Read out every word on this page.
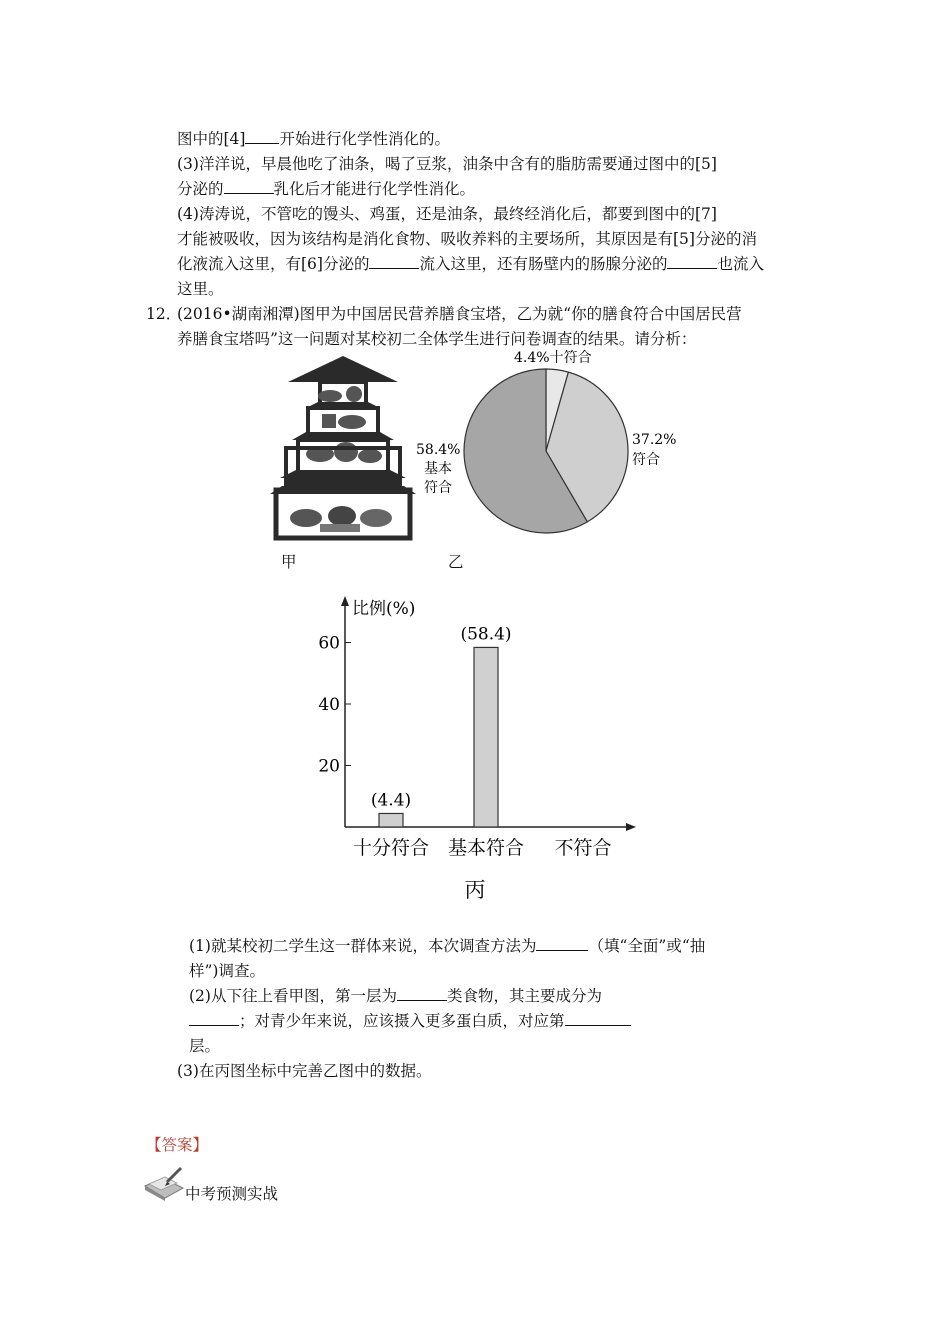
图中的[4] 开始进行化学性消化的。
(3)洋洋说，早晨他吃了油条，喝了豆浆，油条中含有的脂肪需要通过图中的[5]
分泌的	乳化后才能进行化学性消化。
(4)涛涛说，不管吃的馒头、鸡蛋，还是油条，最终经消化后，都要到图中的[7]
才能被吸收，因为该结构是消化食物、吸收养料的主要场所，其原因是有[5]分泌的消
化液流入这里，有[6]分泌的	流入这里，还有肠壁内的肠腺分泌的	也流入
这里。
12．
(2016•湖南湘潭)图甲为中国居民营养膳食宝塔，乙为就“你的膳食符合中国居民营
养膳食宝塔吗”这一问题对某校初二全体学生进行问卷调查的结果。请分析：
甲
4.4%十符合
37.2%
符合
58.4%
基本
符合
乙
比例(%)
20
40
60
(4.4)
十分符合
(58.4)
基本符合 不符合
丙
(1)就某校初二学生这一群体来说，本次调查方法为	（填“全面”或“抽
样”)调查。
(2)从下往上看甲图，第一层为	类食物，其主要成分为
；对青少年来说，应该摄入更多蛋白质，对应第
层。
(3)在丙图坐标中完善乙图中的数据。
【答案】
中考预测实战
